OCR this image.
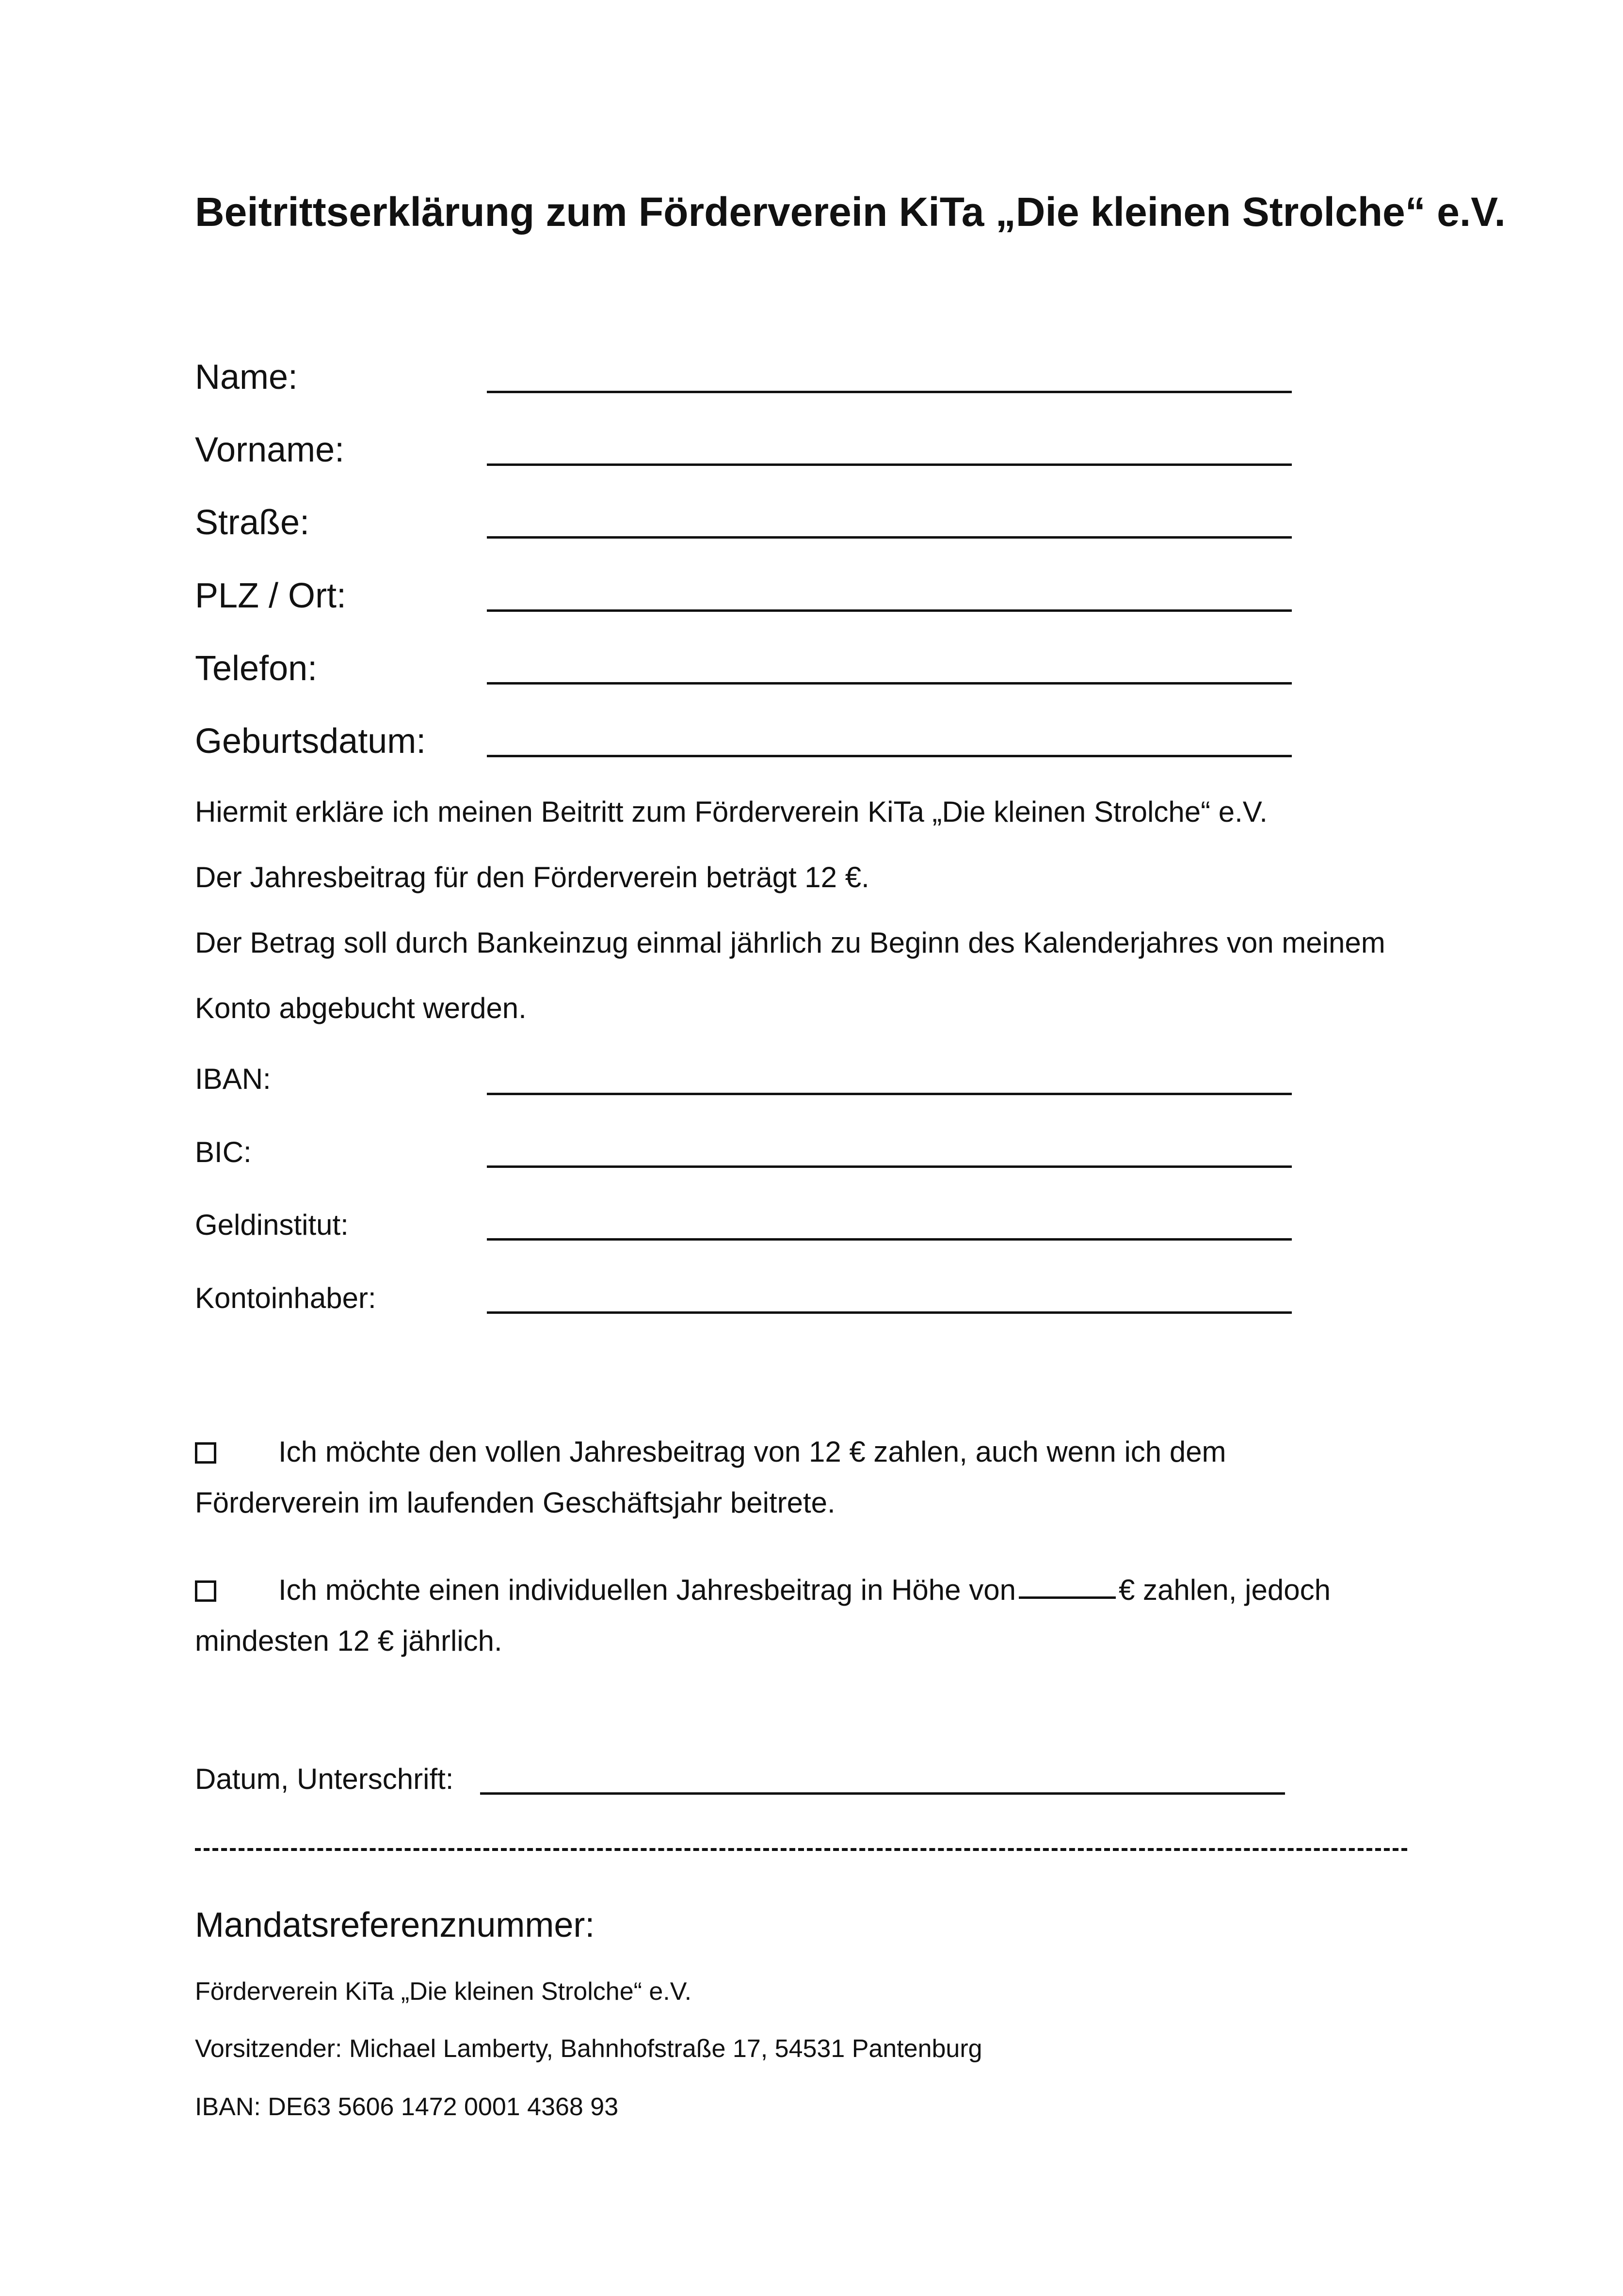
Beitrittserklärung zum Förderverein KiTa „Die kleinen Strolche“ e.V.
Name:
Vorname:
Straße:
PLZ / Ort:
Telefon:
Geburtsdatum:
Hiermit erkläre ich meinen Beitritt zum Förderverein KiTa „Die kleinen Strolche“ e.V.
Der Jahresbeitrag für den Förderverein beträgt 12 €.
Der Betrag soll durch Bankeinzug einmal jährlich zu Beginn des Kalenderjahres von meinem
Konto abgebucht werden.
IBAN:
BIC:
Geldinstitut:
Kontoinhaber:
Ich möchte den vollen Jahresbeitrag von 12 € zahlen, auch wenn ich dem
Förderverein im laufenden Geschäftsjahr beitrete.
Ich möchte einen individuellen Jahresbeitrag in Höhe von	€ zahlen, jedoch
mindesten 12 € jährlich.
Datum, Unterschrift:
Mandatsreferenznummer:
Förderverein KiTa „Die kleinen Strolche“ e.V.
Vorsitzender: Michael Lamberty, Bahnhofstraße 17, 54531 Pantenburg
IBAN: DE63 5606 1472 0001 4368 93
